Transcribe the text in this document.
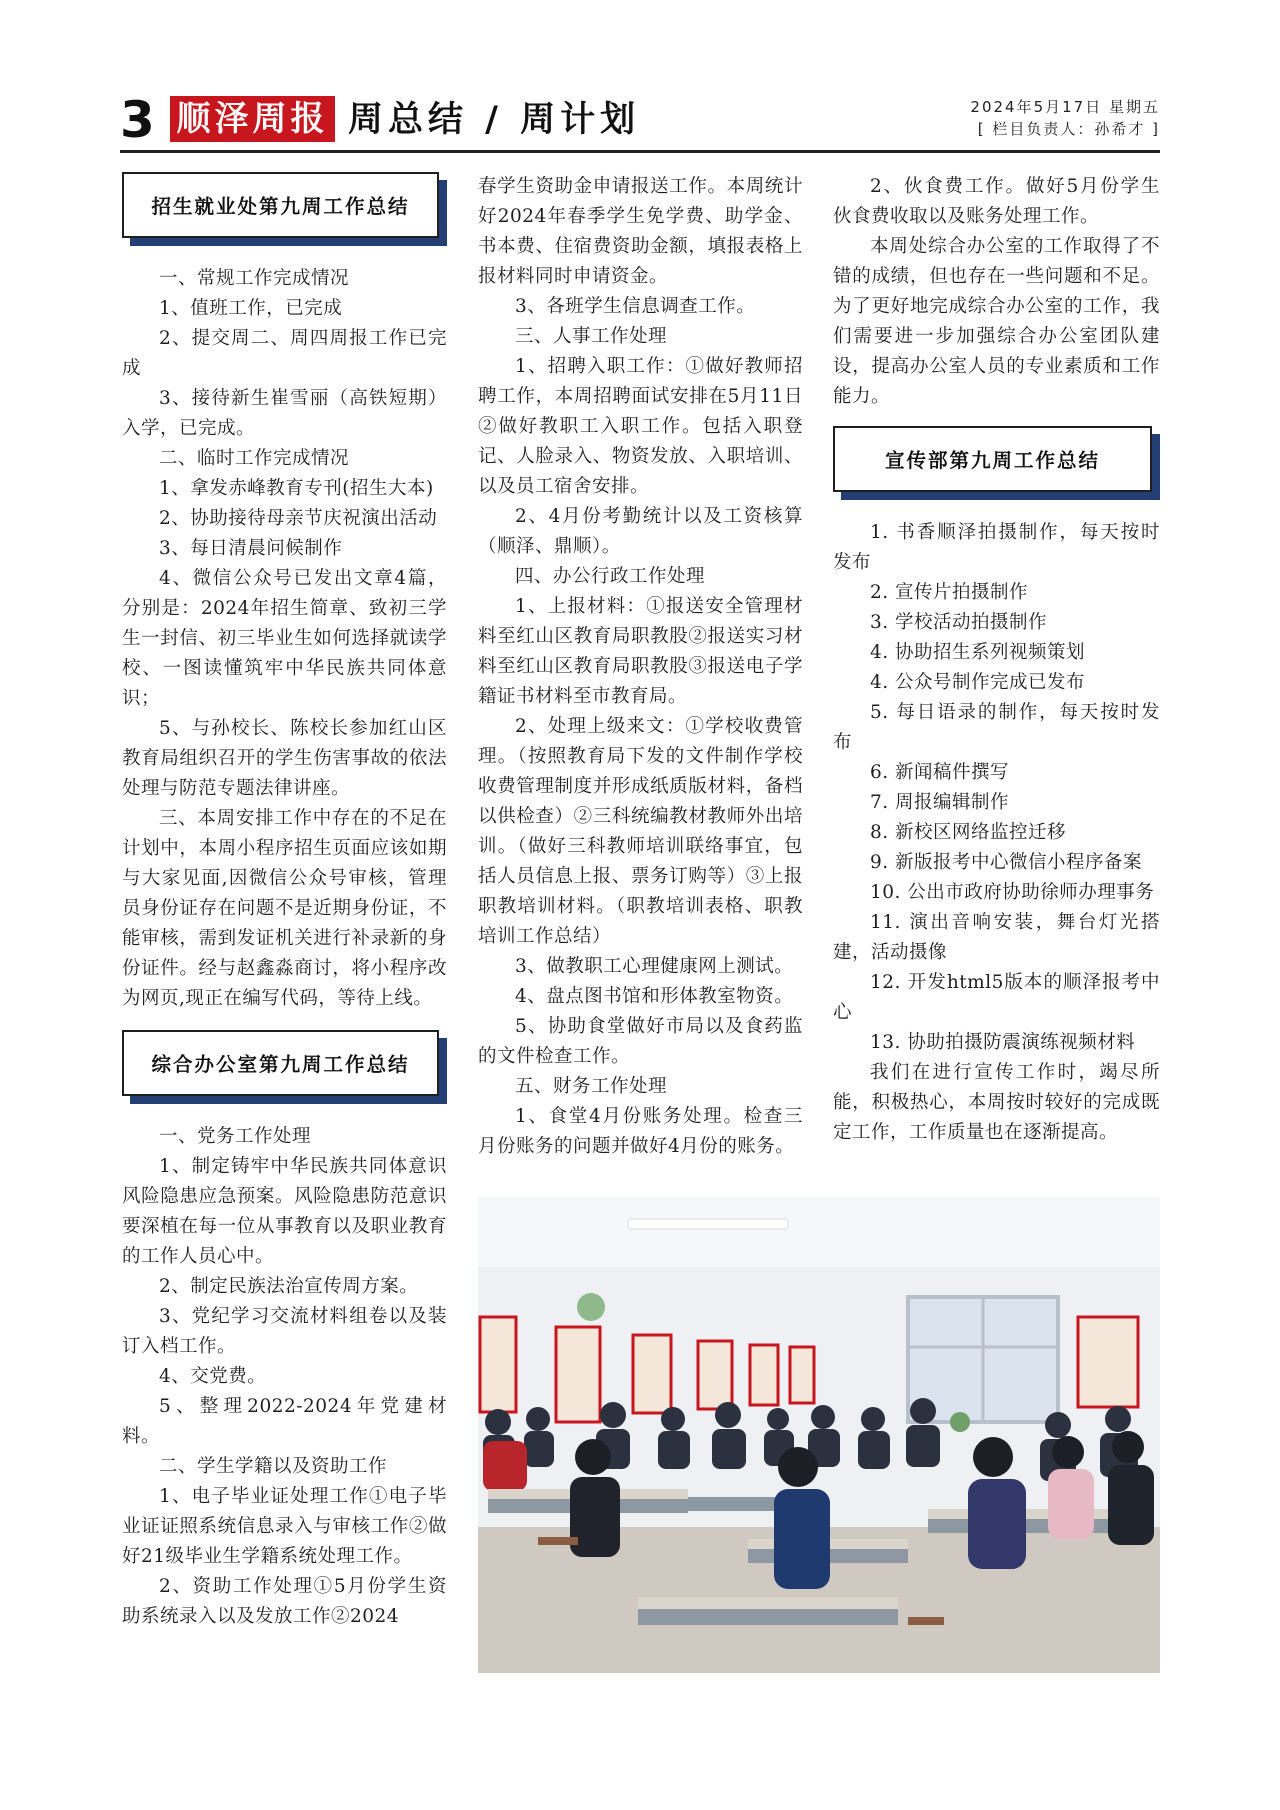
3 顺泽周报 周总结 / 周计划	2024年5月17日 星期五
[ 栏目负责人：孙希才 ]
招生就业处第九周工作总结

一、常规工作完成情况

1、值班工作，已完成

2、提交周二、周四周报工作已完成

3、接待新生崔雪丽（高铁短期）入学，已完成。

二、临时工作完成情况

1、拿发赤峰教育专刊(招生大本)

2、协助接待母亲节庆祝演出活动

3、每日清晨问候制作

4、微信公众号已发出文章4篇，分别是：2024年招生简章、致初三学生一封信、初三毕业生如何选择就读学校、一图读懂筑牢中华民族共同体意识；

5、与孙校长、陈校长参加红山区教育局组织召开的学生伤害事故的依法处理与防范专题法律讲座。

三、本周安排工作中存在的不足在计划中，本周小程序招生页面应该如期与大家见面,因微信公众号审核，管理员身份证存在问题不是近期身份证，不能审核，需到发证机关进行补录新的身份证件。经与赵鑫淼商讨，将小程序改为网页,现正在编写代码，等待上线。

综合办公室第九周工作总结

一、党务工作处理

1、制定铸牢中华民族共同体意识风险隐患应急预案。风险隐患防范意识要深植在每一位从事教育以及职业教育的工作人员心中。

2、制定民族法治宣传周方案。

3、党纪学习交流材料组卷以及装订入档工作。

4、交党费。

5、整理2022-2024年党建材料。

二、学生学籍以及资助工作

1、电子毕业证处理工作①电子毕业证证照系统信息录入与审核工作②做好21级毕业生学籍系统处理工作。

2、资助工作处理①5月份学生资助系统录入以及发放工作②2024

春学生资助金申请报送工作。本周统计好2024年春季学生免学费、助学金、书本费、住宿费资助金额，填报表格上报材料同时申请资金。

3、各班学生信息调查工作。

三、人事工作处理

1、招聘入职工作：①做好教师招聘工作，本周招聘面试安排在5月11日②做好教职工入职工作。包括入职登记、人脸录入、物资发放、入职培训、以及员工宿舍安排。

2、4月份考勤统计以及工资核算（顺泽、鼎顺）。

四、办公行政工作处理

1、上报材料：①报送安全管理材料至红山区教育局职教股②报送实习材料至红山区教育局职教股③报送电子学籍证书材料至市教育局。

2、处理上级来文：①学校收费管理。（按照教育局下发的文件制作学校收费管理制度并形成纸质版材料，备档以供检查）②三科统编教材教师外出培训。（做好三科教师培训联络事宜，包括人员信息上报、票务订购等）③上报职教培训材料。（职教培训表格、职教培训工作总结）

3、做教职工心理健康网上测试。

4、盘点图书馆和形体教室物资。

5、协助食堂做好市局以及食药监的文件检查工作。

五、财务工作处理

1、食堂4月份账务处理。检查三月份账务的问题并做好4月份的账务。

2、伙食费工作。做好5月份学生伙食费收取以及账务处理工作。

本周处综合办公室的工作取得了不错的成绩，但也存在一些问题和不足。为了更好地完成综合办公室的工作，我们需要进一步加强综合办公室团队建设，提高办公室人员的专业素质和工作能力。

宣传部第九周工作总结

1. 书香顺泽拍摄制作，每天按时发布

2. 宣传片拍摄制作

3. 学校活动拍摄制作

4. 协助招生系列视频策划

4. 公众号制作完成已发布

5. 每日语录的制作，每天按时发布

6. 新闻稿件撰写

7. 周报编辑制作

8. 新校区网络监控迁移

9. 新版报考中心微信小程序备案

10. 公出市政府协助徐师办理事务

11. 演出音响安装，舞台灯光搭建，活动摄像

12. 开发html5版本的顺泽报考中心

13. 协助拍摄防震演练视频材料

我们在进行宣传工作时，竭尽所能，积极热心，本周按时较好的完成既定工作，工作质量也在逐渐提高。
